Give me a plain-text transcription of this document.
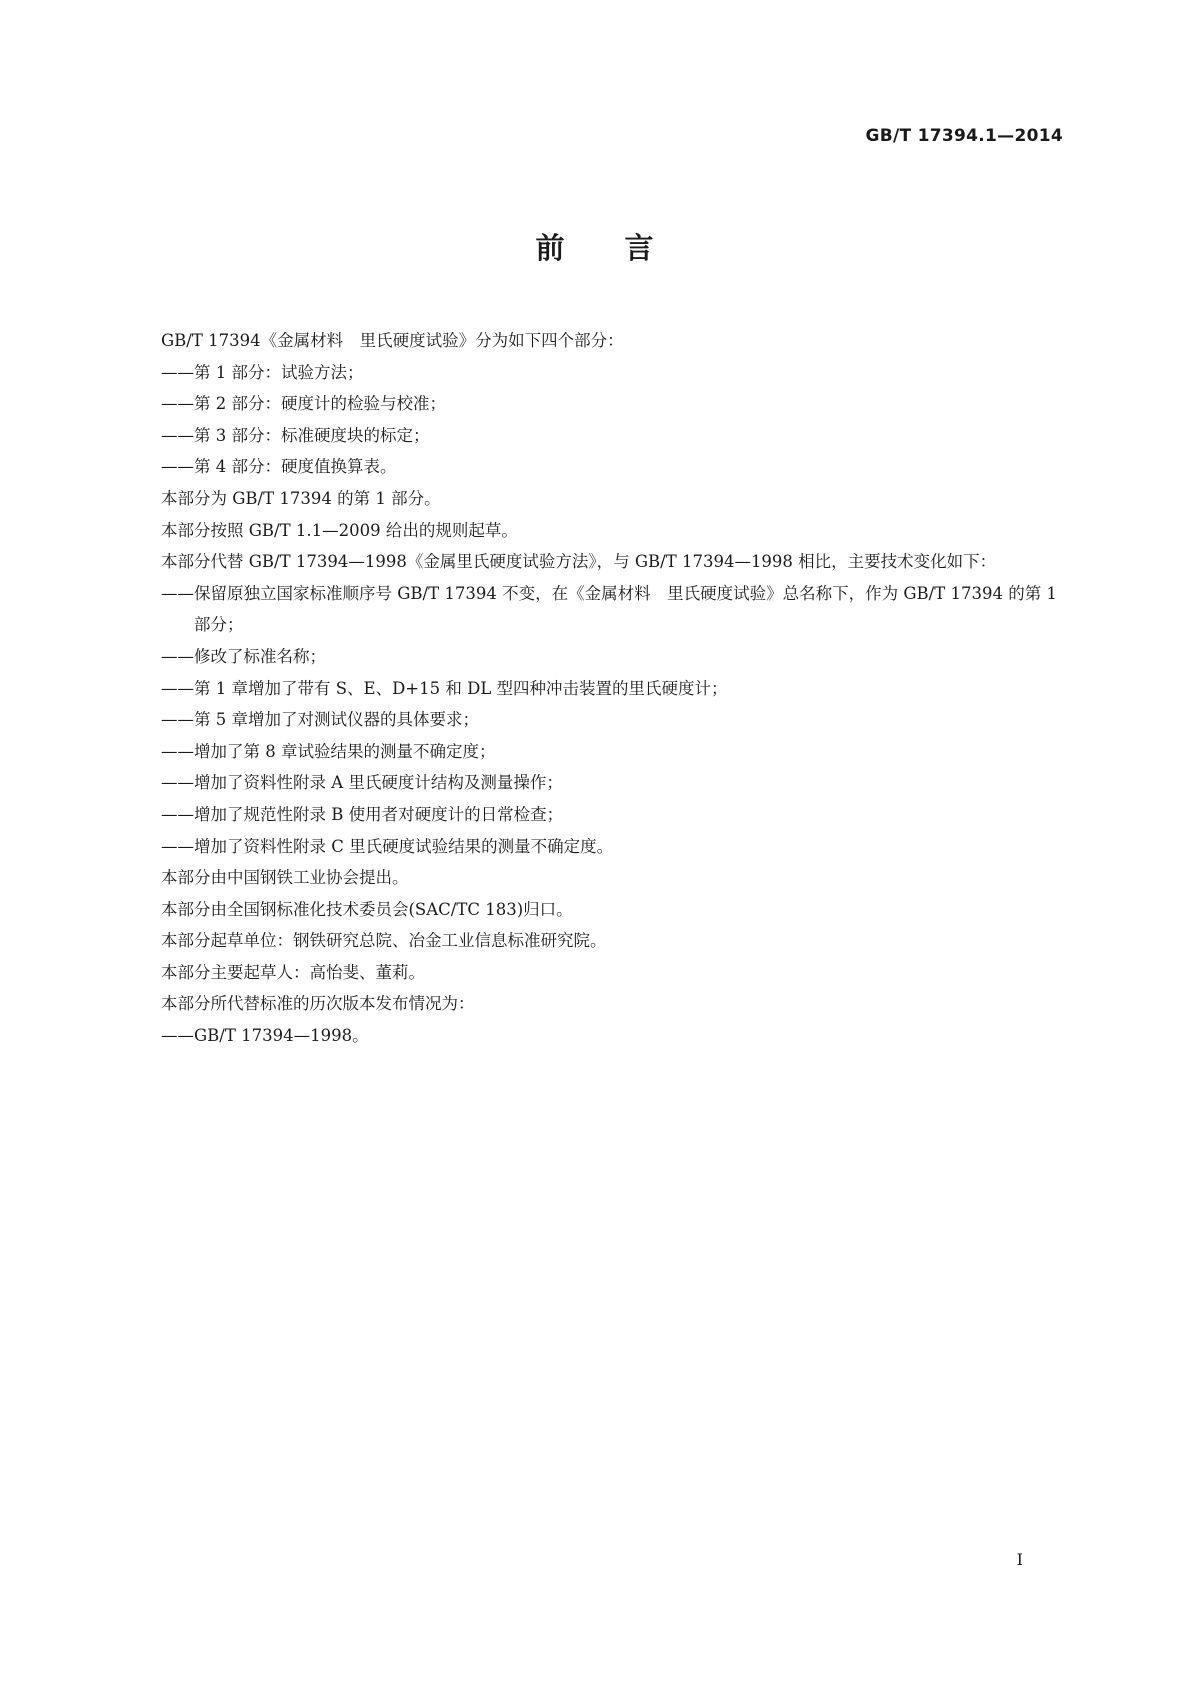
GB/T 17394.1—2014

前 言

GB/T 17394《金属材料　里氏硬度试验》分为如下四个部分：

——第 1 部分：试验方法；

——第 2 部分：硬度计的检验与校准；

——第 3 部分：标准硬度块的标定；

——第 4 部分：硬度值换算表。

本部分为 GB/T 17394 的第 1 部分。

本部分按照 GB/T 1.1—2009 给出的规则起草。

本部分代替 GB/T 17394—1998《金属里氏硬度试验方法》，与 GB/T 17394—1998 相比，主要技术变化如下：

——保留原独立国家标准顺序号 GB/T 17394 不变，在《金属材料　里氏硬度试验》总名称下，作为 GB/T 17394 的第 1 部分；

——修改了标准名称；

——第 1 章增加了带有 S、E、D+15 和 DL 型四种冲击装置的里氏硬度计；

——第 5 章增加了对测试仪器的具体要求；

——增加了第 8 章试验结果的测量不确定度；

——增加了资料性附录 A 里氏硬度计结构及测量操作；

——增加了规范性附录 B 使用者对硬度计的日常检查；

——增加了资料性附录 C 里氏硬度试验结果的测量不确定度。

本部分由中国钢铁工业协会提出。

本部分由全国钢标准化技术委员会(SAC/TC 183)归口。

本部分起草单位：钢铁研究总院、冶金工业信息标准研究院。

本部分主要起草人：高怡斐、董莉。

本部分所代替标准的历次版本发布情况为：

——GB/T 17394—1998。

I
